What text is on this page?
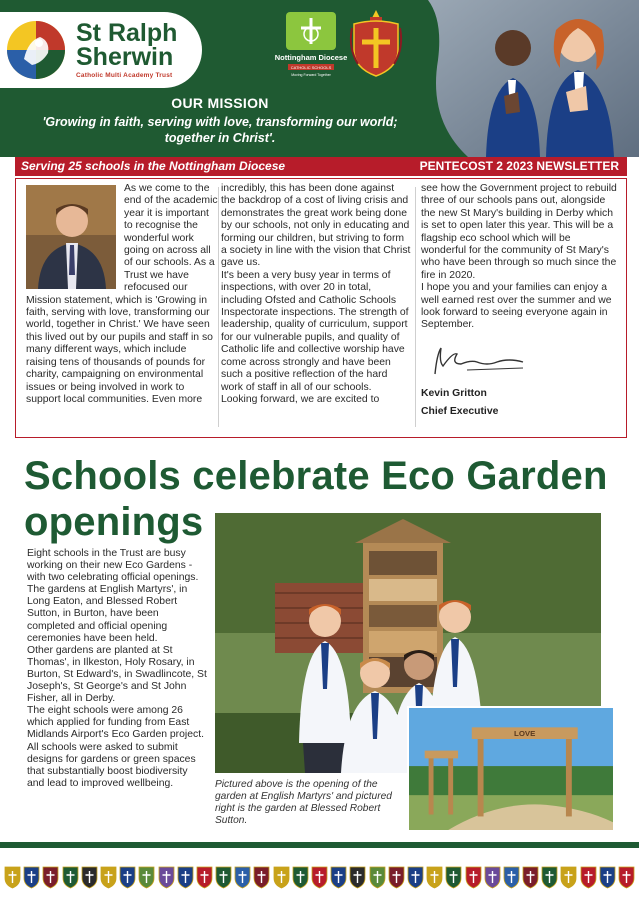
St Ralph
Sherwin
Catholic Multi Academy Trust
Nottingham Diocese
CATHOLIC SCHOOLS
Moving Forward Together
OUR MISSION
'Growing in faith, serving with love, transforming our world; together in Christ'.
Serving 25 schools in the Nottingham Diocese	PENTECOST 2 2023 NEWSLETTER

As we come to the end of the academic year it is important to recognise the wonderful work going on across all of our schools. As a Trust we have refocused our Mission statement, which is 'Growing in faith, serving with love, transforming our world, together in Christ.' We have seen this lived out by our pupils and staff in so many different ways, which include raising tens of thousands of pounds for charity, campaigning on environmental issues or being involved in work to support local communities. Even more

incredibly, this has been done against the backdrop of a cost of living crisis and demonstrates the great work being done by our schools, not only in educating and forming our children, but striving to form a society in line with the vision that Christ gave us.

It's been a very busy year in terms of inspections, with over 20 in total, including Ofsted and Catholic Schools Inspectorate inspections. The strength of leadership, quality of curriculum, support for our vulnerable pupils, and quality of Catholic life and collective worship have come across strongly and have been such a positive reflection of the hard work of staff in all of our schools.

Looking forward, we are excited to

see how the Government project to rebuild three of our schools pans out, alongside the new St Mary's building in Derby which is set to open later this year. This will be a flagship eco school which will be wonderful for the community of St Mary's who have been through so much since the fire in 2020.

I hope you and your families can enjoy a well earned rest over the summer and we look forward to seeing everyone again in September.

Kevin Gritton

Chief Executive

Schools celebrate Eco Garden openings

Eight schools in the Trust are busy working on their new Eco Gardens - with two celebrating official openings.

The gardens at English Martyrs', in Long Eaton, and Blessed Robert Sutton, in Burton, have been completed and official opening ceremonies have been held.

Other gardens are planted at St Thomas', in Ilkeston, Holy Rosary, in Burton, St Edward's, in Swadlincote, St Joseph's, St George's and St John Fisher, all in Derby.

The eight schools were among 26 which applied for funding from East Midlands Airport's Eco Garden project.

All schools were asked to submit designs for gardens or green spaces that substantially boost biodiversity and lead to improved wellbeing.

LOVE

Pictured above is the opening of the garden at English Martyrs' and pictured right is the garden at Blessed Robert Sutton.
